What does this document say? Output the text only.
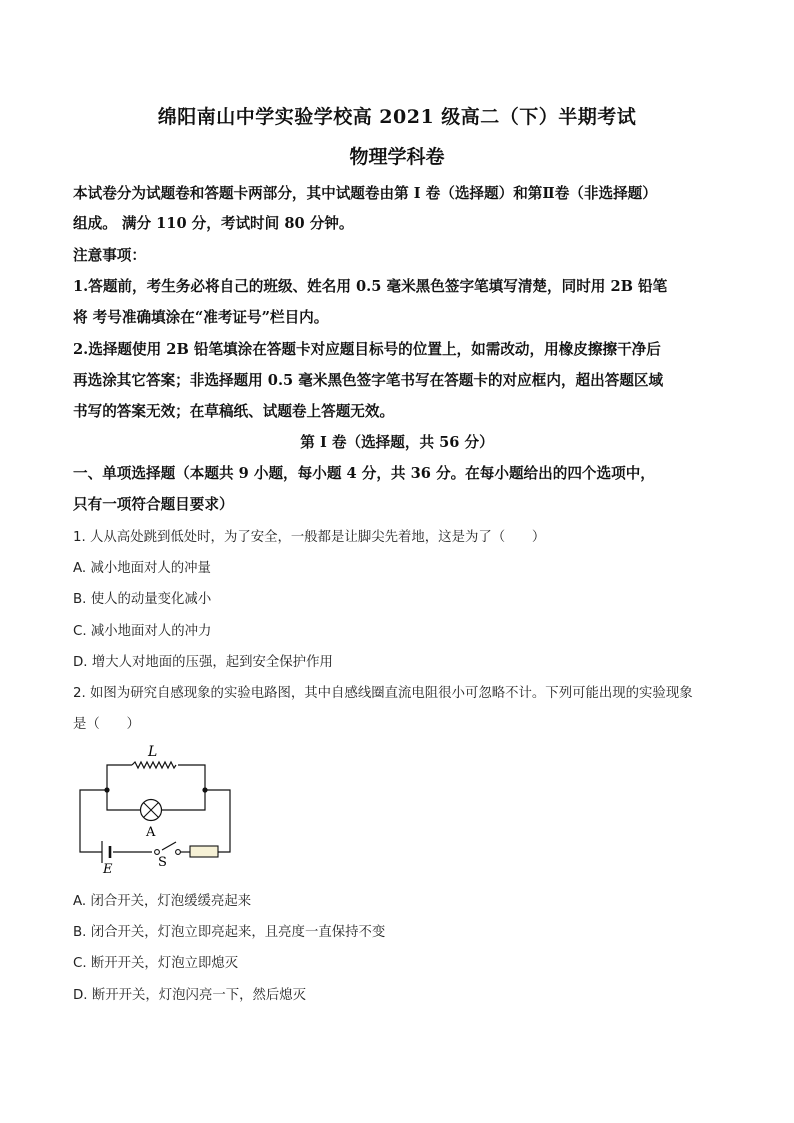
绵阳南山中学实验学校高 2021 级高二（下）半期考试
物理学科卷
本试卷分为试题卷和答题卡两部分，其中试题卷由第 I 卷（选择题）和第Ⅱ卷（非选择题）
组成。 满分 110 分，考试时间 80 分钟。
注意事项：
1.答题前，考生务必将自己的班级、姓名用 0.5 毫米黑色签字笔填写清楚，同时用 2B 铅笔
将 考号准确填涂在“准考证号”栏目内。
2.选择题使用 2B 铅笔填涂在答题卡对应题目标号的位置上，如需改动，用橡皮擦擦干净后
再选涂其它答案；非选择题用 0.5 毫米黑色签字笔书写在答题卡的对应框内，超出答题区域
书写的答案无效；在草稿纸、试题卷上答题无效。
第 I 卷（选择题，共 56 分）
一、单项选择题（本题共 9 小题，每小题 4 分，共 36 分。在每小题给出的四个选项中，
只有一项符合题目要求）
1. 人从高处跳到低处时，为了安全，一般都是让脚尖先着地，这是为了（　　）
A. 减小地面对人的冲量
B. 使人的动量变化减小
C. 减小地面对人的冲力
D. 增大人对地面的压强，起到安全保护作用
2. 如图为研究自感现象的实验电路图，其中自感线圈直流电阻很小可忽略不计。下列可能出现的实验现象
是（　　）
L
A
E	S
A. 闭合开关，灯泡缓缓亮起来
B. 闭合开关，灯泡立即亮起来，且亮度一直保持不变
C. 断开开关，灯泡立即熄灭
D. 断开开关，灯泡闪亮一下，然后熄灭
